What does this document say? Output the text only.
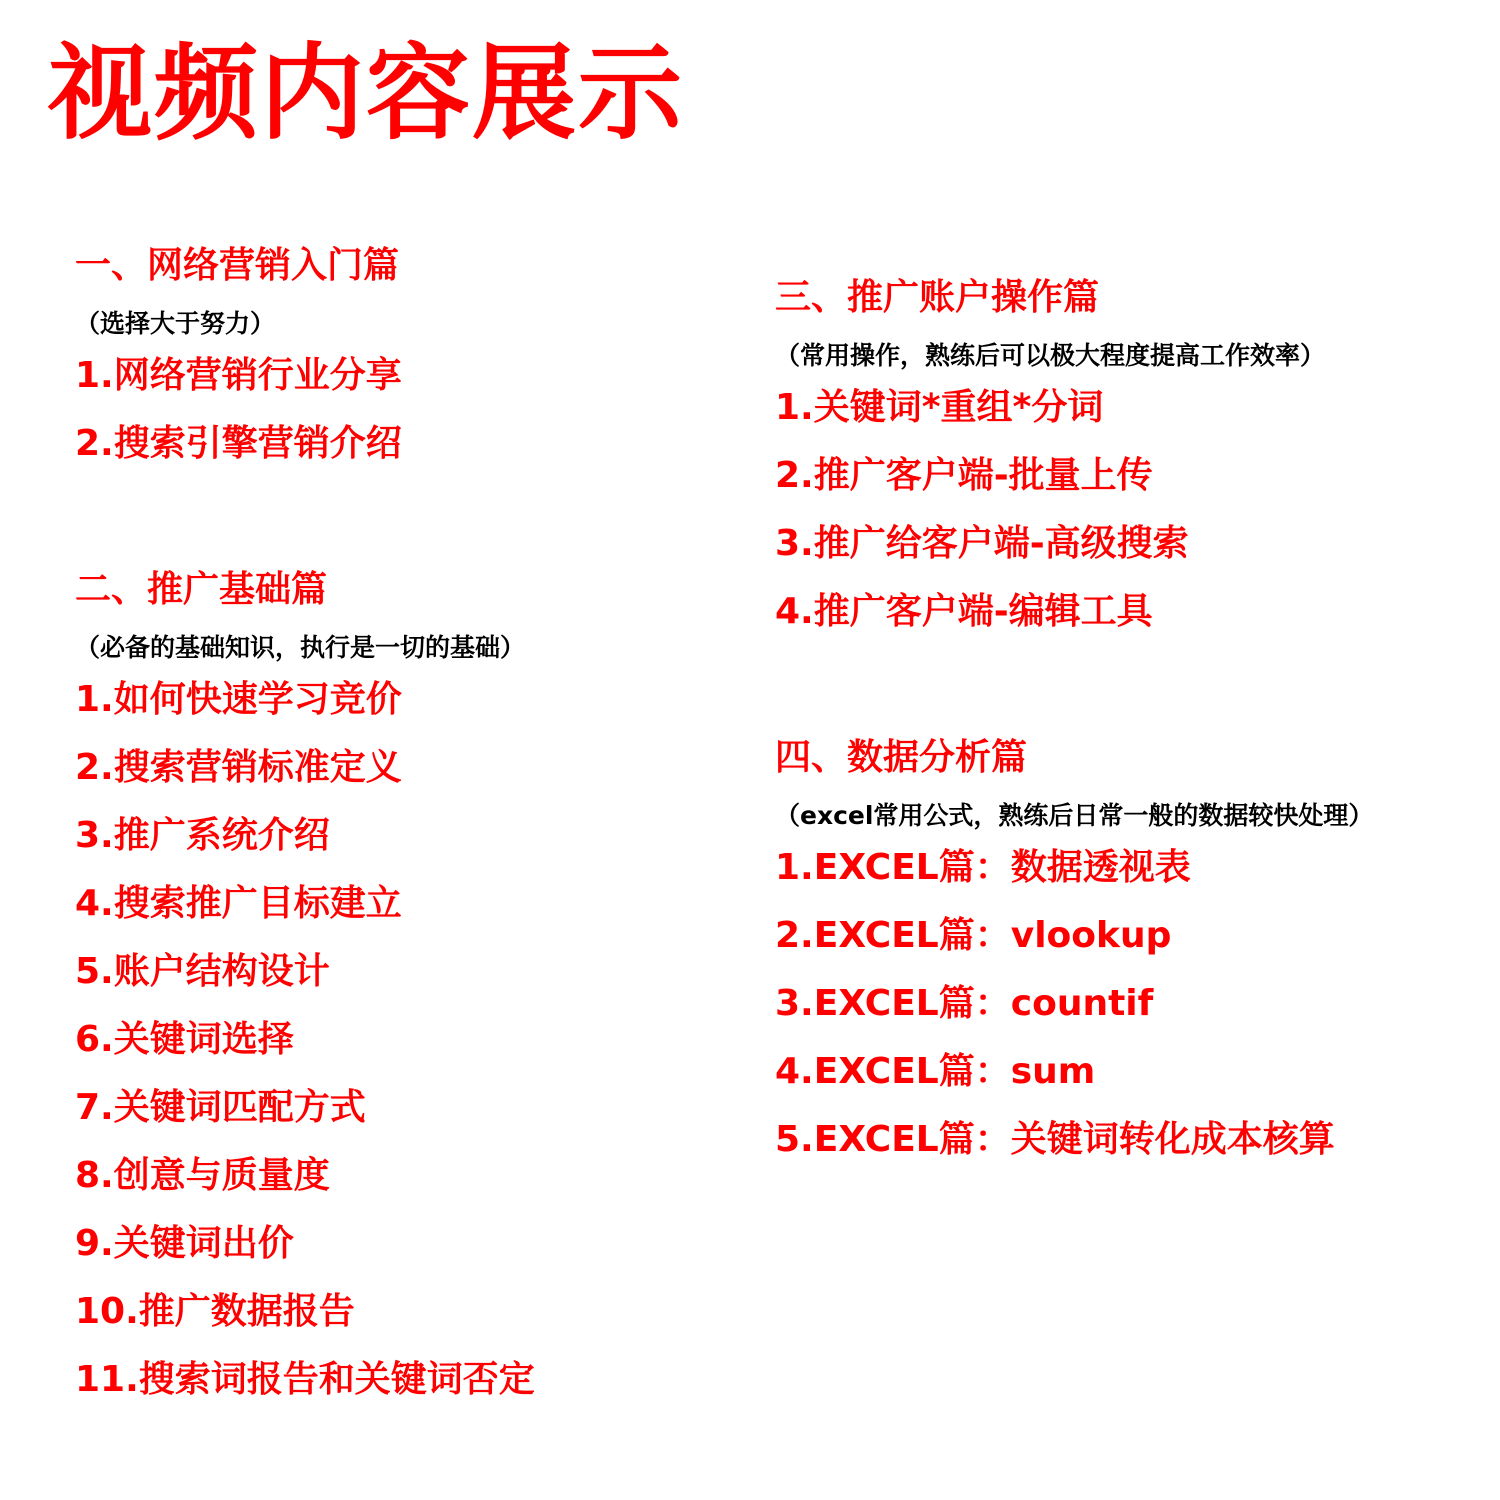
视频内容展示
一、网络营销入门篇
（选择大于努力）
1.网络营销行业分享
2.搜索引擎营销介绍
二、推广基础篇
（必备的基础知识，执行是一切的基础）
1.如何快速学习竞价
2.搜索营销标准定义
3.推广系统介绍
4.搜索推广目标建立
5.账户结构设计
6.关键词选择
7.关键词匹配方式
8.创意与质量度
9.关键词出价
10.推广数据报告
11.搜索词报告和关键词否定
三、推广账户操作篇
（常用操作，熟练后可以极大程度提高工作效率）
1.关键词*重组*分词
2.推广客户端-批量上传
3.推广给客户端-高级搜索
4.推广客户端-编辑工具
四、数据分析篇
（excel常用公式，熟练后日常一般的数据较快处理）
1.EXCEL篇：数据透视表
2.EXCEL篇：vlookup
3.EXCEL篇：countif
4.EXCEL篇：sum
5.EXCEL篇：关键词转化成本核算
